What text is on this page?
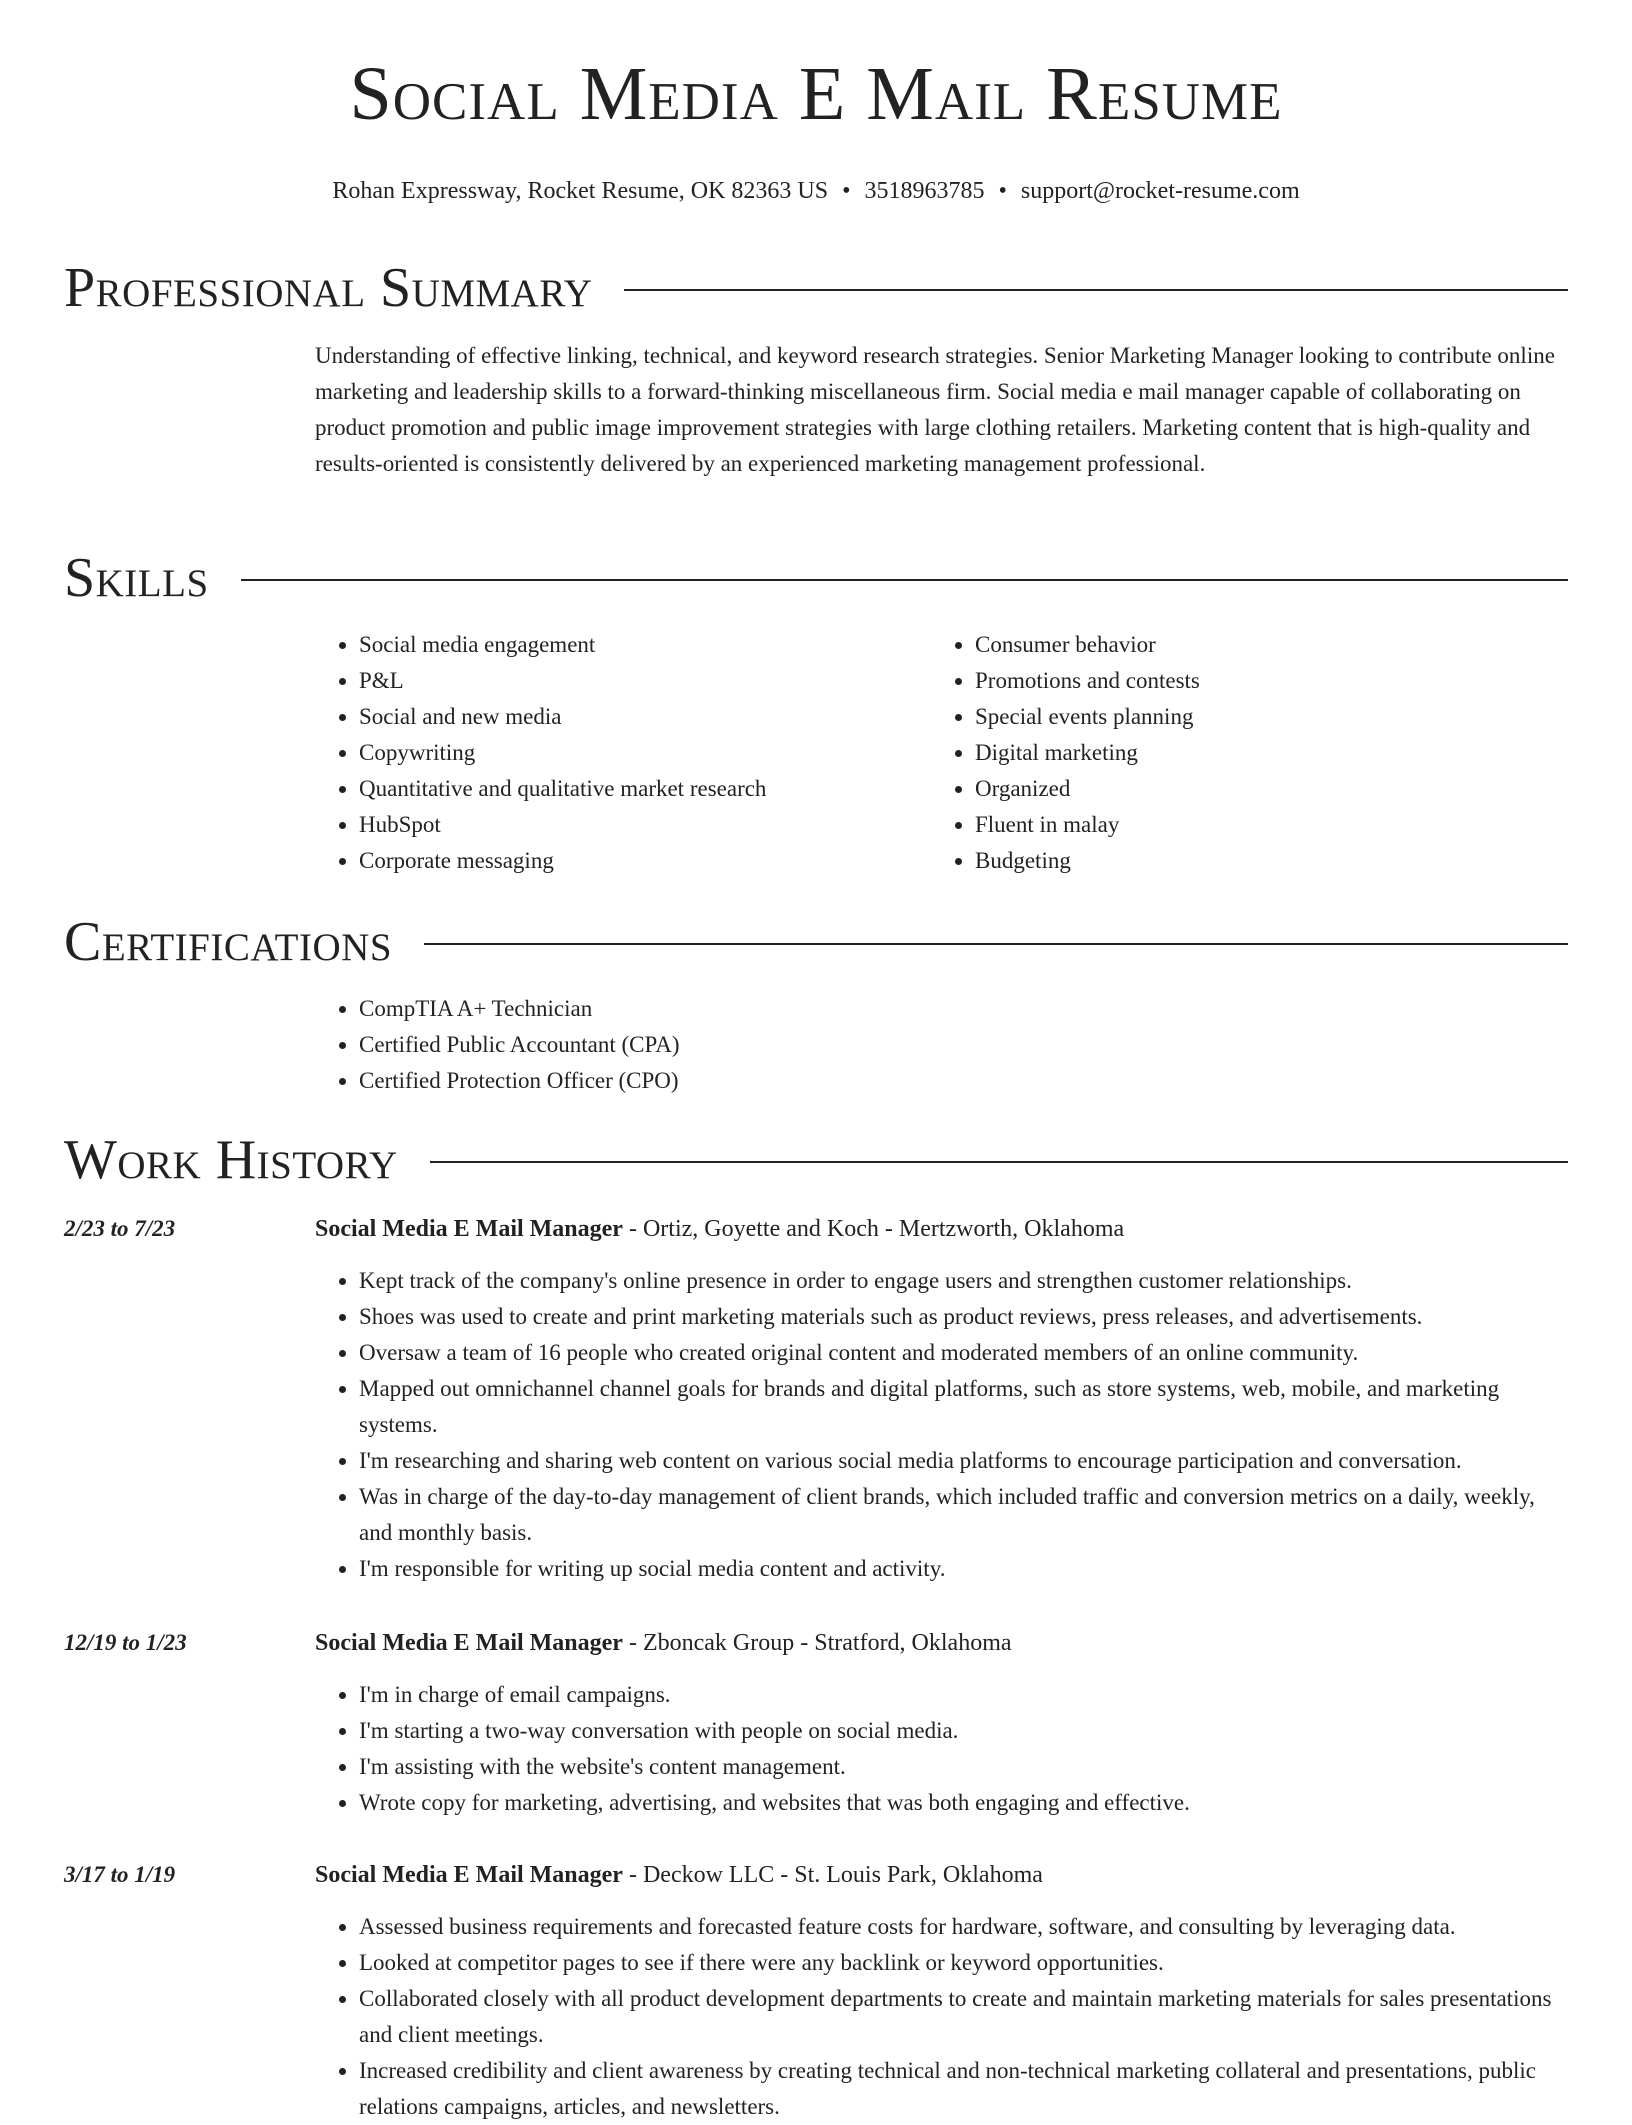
Social Media E Mail Resume
Rohan Expressway, Rocket Resume, OK 82363 US • 3518963785 • support@rocket-resume.com
Professional Summary

Understanding of effective linking, technical, and keyword research strategies. Senior Marketing Manager looking to contribute online marketing and leadership skills to a forward-thinking miscellaneous firm. Social media e mail manager capable of collaborating on product promotion and public image improvement strategies with large clothing retailers. Marketing content that is high-quality and results-oriented is consistently delivered by an experienced marketing management professional.

Skills
• Social media engagement
• P&L
• Social and new media
• Copywriting
• Quantitative and qualitative market research
• HubSpot
• Corporate messaging
• Consumer behavior
• Promotions and contests
• Special events planning
• Digital marketing
• Organized
• Fluent in malay
• Budgeting
Certifications
• CompTIA A+ Technician
• Certified Public Accountant (CPA)
• Certified Protection Officer (CPO)
Work History
2/23 to 7/23	Social Media E Mail Manager - Ortiz, Goyette and Koch - Mertzworth, Oklahoma
• Kept track of the company's online presence in order to engage users and strengthen customer relationships.
• Shoes was used to create and print marketing materials such as product reviews, press releases, and advertisements.
• Oversaw a team of 16 people who created original content and moderated members of an online community.
• Mapped out omnichannel channel goals for brands and digital platforms, such as store systems, web, mobile, and marketing systems.
• I'm researching and sharing web content on various social media platforms to encourage participation and conversation.
• Was in charge of the day-to-day management of client brands, which included traffic and conversion metrics on a daily, weekly, and monthly basis.
• I'm responsible for writing up social media content and activity.
12/19 to 1/23	Social Media E Mail Manager - Zboncak Group - Stratford, Oklahoma
• I'm in charge of email campaigns.
• I'm starting a two-way conversation with people on social media.
• I'm assisting with the website's content management.
• Wrote copy for marketing, advertising, and websites that was both engaging and effective.
3/17 to 1/19	Social Media E Mail Manager - Deckow LLC - St. Louis Park, Oklahoma
• Assessed business requirements and forecasted feature costs for hardware, software, and consulting by leveraging data.
• Looked at competitor pages to see if there were any backlink or keyword opportunities.
• Collaborated closely with all product development departments to create and maintain marketing materials for sales presentations and client meetings.
• Increased credibility and client awareness by creating technical and non-technical marketing collateral and presentations, public relations campaigns, articles, and newsletters.
